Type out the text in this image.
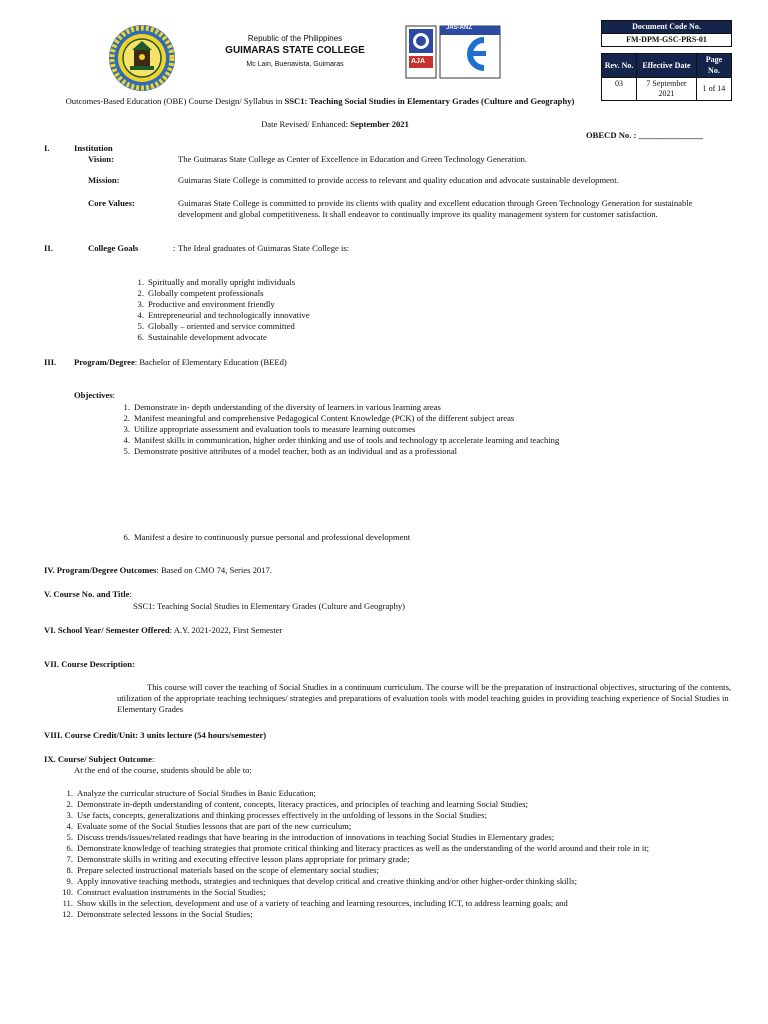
Republic of the Philippines
GUIMARAS STATE COLLEGE
Mc Lain, Buenavista, Guimaras
JAS-ANZ
AJA
Document Code No.
FM-DPM-GSC-PRS-01

Rev. No.	Effective Date	Page No.
03	7 September 2021	1 of 14
Outcomes-Based Education (OBE) Course Design/ Syllabus in SSC1: Teaching Social Studies in Elementary Grades (Culture and Geography)
Date Revised/ Enhanced: September 2021
OBECD No. : _______________
I.	Institution
Vision:	The Guimaras State College as Center of Excellence in Education and Green Technology Generation.
Mission:	Guimaras State College is committed to provide access to relevant and quality education and advocate sustainable development.
Core Values:	Guimaras State College is committed to provide its clients with quality and excellent education through Green Technology Generation for sustainable development and global competitiveness. It shall endeavor to continually improve its quality management system for customer satisfaction.
II.	College Goals	: The Ideal graduates of Guimaras State College is:
1. Spiritually and morally upright individuals
2. Globally competent professionals
3. Productive and environment friendly
4. Entrepreneurial and technologically innovative
5. Globally – oriented and service committed
6. Sustainable development advocate
III. Program/Degree: Bachelor of Elementary Education (BEEd)
Objectives:
1. Demonstrate in- depth understanding of the diversity of learners in various learning areas
2. Manifest meaningful and comprehensive Pedagogical Content Knowledge (PCK) of the different subject areas
3. Utilize appropriate assessment and evaluation tools to measure learning outcomes
4. Manifest skills in communication, higher order thinking and use of tools and technology tp accelerate learning and teaching
5. Demonstrate positive attributes of a model teacher, both as an individual and as a professional
6. Manifest a desire to continuously pursue personal and professional development
IV. Program/Degree Outcomes: Based on CMO 74, Series 2017.
V. Course No. and Title:
SSC1: Teaching Social Studies in Elementary Grades (Culture and Geography)
VI. School Year/ Semester Offered: A.Y. 2021-2022, First Semester
VII. Course Description:
This course will cover the teaching of Social Studies in a continuum curriculum. The course will be the preparation of instructional objectives, structuring of the contents, utilization of the appropriate teaching techniques/ strategies and preparations of evaluation tools with model teaching guides in providing teaching experience of Social Studies in Elementary Grades
VIII. Course Credit/Unit: 3 units lecture (54 hours/semester)
IX. Course/ Subject Outcome:
At the end of the course, students should be able to:
1. Analyze the curricular structure of Social Studies in Basic Education;
2. Demonstrate in-depth understanding of content, concepts, literacy practices, and principles of teaching and learning Social Studies;
3. Use facts, concepts, generalizations and thinking processes effectively in the unfolding of lessons in the Social Studies;
4. Evaluate some of the Social Studies lessons that are part of the new curriculum;
5. Discuss trends/issues/related readings that have bearing in the introduction of innovations in teaching Social Studies in Elementary grades;
6. Demonstrate knowledge of teaching strategies that promote critical thinking and literacy practices as well as the understanding of the world around and their role in it;
7. Demonstrate skills in writing and executing effective lesson plans appropriate for primary grade;
8. Prepare selected instructional materials based on the scope of elementary social studies;
9. Apply innovative teaching methods, strategies and techniques that develop critical and creative thinking and/or other higher-order thinking skills;
10. Construct evaluation instruments in the Social Studies;
11. Show skills in the selection, development and use of a variety of teaching and learning resources, including ICT, to address learning goals; and
12. Demonstrate selected lessons in the Social Studies;
